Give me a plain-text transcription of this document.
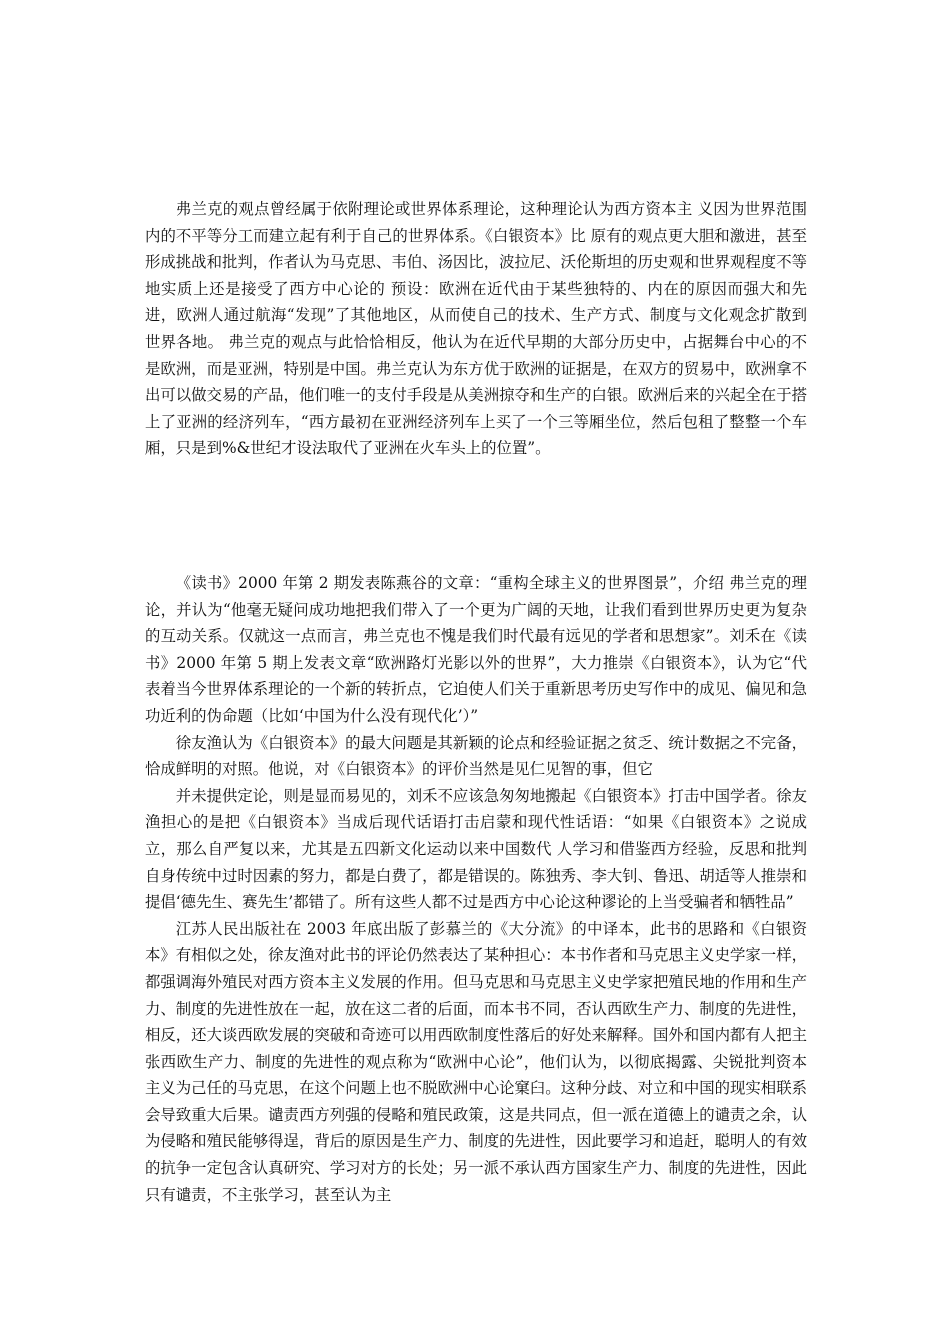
弗兰克的观点曾经属于依附理论或世界体系理论，这种理论认为西方资本主 义因为世界范围内的不平等分工而建立起有利于自己的世界体系。《白银资本》比 原有的观点更大胆和激进，甚至形成挑战和批判，作者认为马克思、韦伯、汤因比，波拉尼、沃伦斯坦的历史观和世界观程度不等地实质上还是接受了西方中心论的 预设：欧洲在近代由于某些独特的、内在的原因而强大和先进，欧洲人通过航海“发现”了其他地区，从而使自己的技术、生产方式、制度与文化观念扩散到世界各地。 弗兰克的观点与此恰恰相反，他认为在近代早期的大部分历史中，占据舞台中心的不是欧洲，而是亚洲，特别是中国。弗兰克认为东方优于欧洲的证据是，在双方的贸易中，欧洲拿不出可以做交易的产品，他们唯一的支付手段是从美洲掠夺和生产的白银。欧洲后来的兴起全在于搭上了亚洲的经济列车，“西方最初在亚洲经济列车上买了一个三等厢坐位，然后包租了整整一个车厢，只是到%&世纪才设法取代了亚洲在火车头上的位置”。

《读书》2000 年第 2 期发表陈燕谷的文章：“重构全球主义的世界图景”，介绍 弗兰克的理论，并认为“他毫无疑问成功地把我们带入了一个更为广阔的天地，让我们看到世界历史更为复杂的互动关系。仅就这一点而言，弗兰克也不愧是我们时代最有远见的学者和思想家”。刘禾在《读书》2000 年第 5 期上发表文章“欧洲路灯光影以外的世界”，大力推崇《白银资本》，认为它“代表着当今世界体系理论的一个新的转折点，它迫使人们关于重新思考历史写作中的成见、偏见和急功近利的伪命题（比如‘中国为什么没有现代化’）”

徐友渔认为《白银资本》的最大问题是其新颖的论点和经验证据之贫乏、统计数据之不完备，恰成鲜明的对照。他说，对《白银资本》的评价当然是见仁见智的事，但它

并未提供定论，则是显而易见的，刘禾不应该急匆匆地搬起《白银资本》打击中国学者。徐友渔担心的是把《白银资本》当成后现代话语打击启蒙和现代性话语：“如果《白银资本》之说成立，那么自严复以来，尤其是五四新文化运动以来中国数代 人学习和借鉴西方经验，反思和批判自身传统中过时因素的努力，都是白费了，都是错误的。陈独秀、李大钊、鲁迅、胡适等人推崇和提倡‘德先生、赛先生’都错了。所有这些人都不过是西方中心论这种谬论的上当受骗者和牺牲品”

江苏人民出版社在 2003 年底出版了彭慕兰的《大分流》的中译本，此书的思路和《白银资本》有相似之处，徐友渔对此书的评论仍然表达了某种担心：本书作者和马克思主义史学家一样，都强调海外殖民对西方资本主义发展的作用。但马克思和马克思主义史学家把殖民地的作用和生产力、制度的先进性放在一起，放在这二者的后面，而本书不同，否认西欧生产力、制度的先进性，相反，还大谈西欧发展的突破和奇迹可以用西欧制度性落后的好处来解释。国外和国内都有人把主张西欧生产力、制度的先进性的观点称为“欧洲中心论”，他们认为，以彻底揭露、尖锐批判资本主义为己任的马克思，在这个问题上也不脱欧洲中心论窠臼。这种分歧、对立和中国的现实相联系会导致重大后果。谴责西方列强的侵略和殖民政策，这是共同点，但一派在道德上的谴责之余，认为侵略和殖民能够得逞，背后的原因是生产力、制度的先进性，因此要学习和追赶，聪明人的有效的抗争一定包含认真研究、学习对方的长处；另一派不承认西方国家生产力、制度的先进性，因此只有谴责，不主张学习，甚至认为主
